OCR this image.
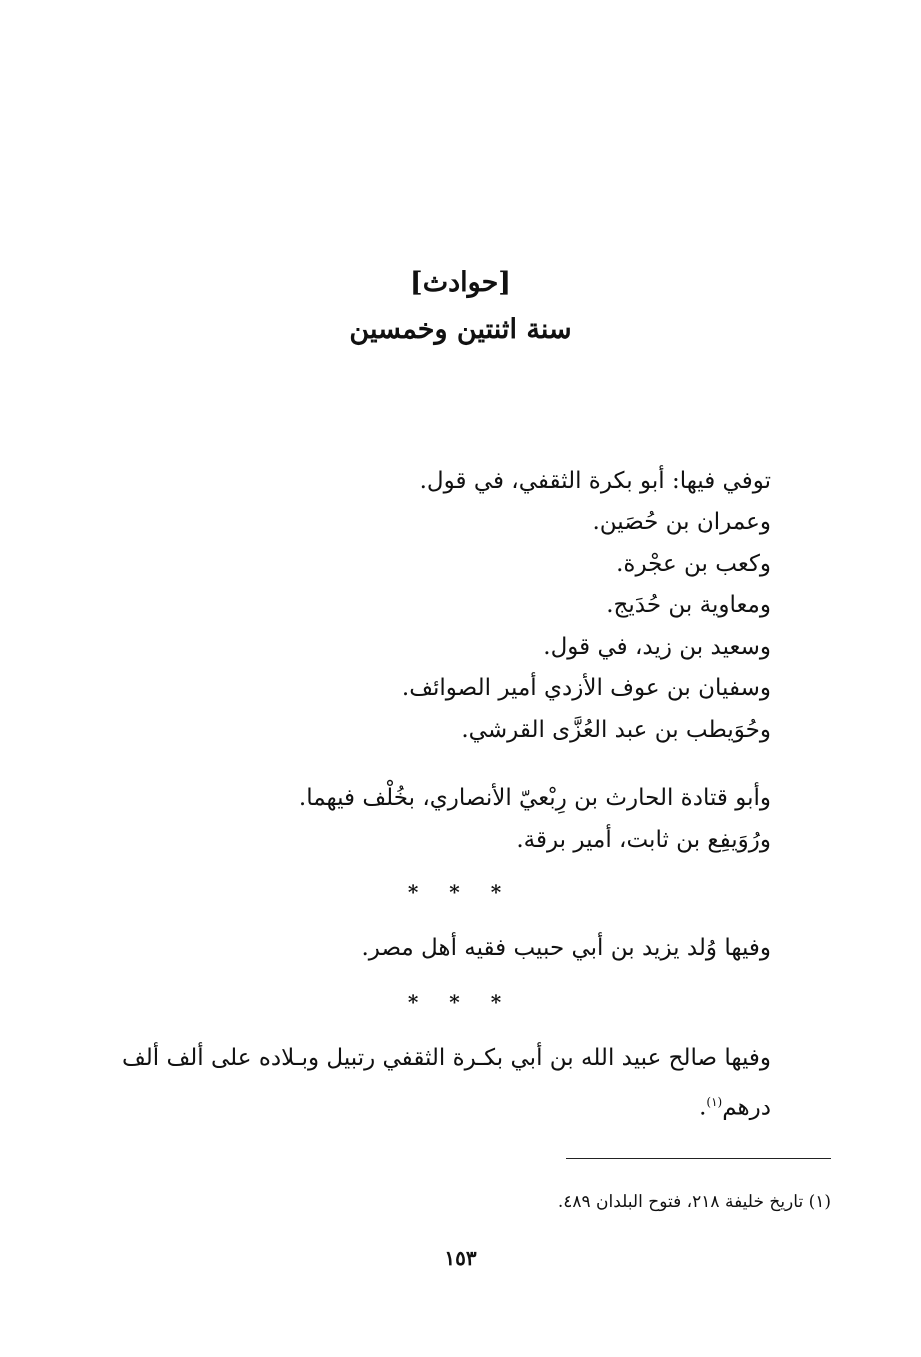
[حوادث]
سنة اثنتين وخمسين
توفي فيها: أبو بكرة الثقفي، في قول.
وعمران بن حُصَين.
وكعب بن عجْرة.
ومعاوية بن حُدَيج.
وسعيد بن زيد، في قول.
وسفيان بن عوف الأزدي أمير الصوائف.
وحُوَيطب بن عبد العُزَّى القرشي.
وأبو قتادة الحارث بن رِبْعيّ الأنصاري، بخُلْف فيهما.
ورُوَيفِع بن ثابت، أمير برقة.
* * *
وفيها وُلد يزيد بن أبي حبيب فقيه أهل مصر.
* * *
وفيها صالح عبيد الله بن أبي بكـرة الثقفي رتبيل وبـلاده على ألف ألف
درهم$^{(١)}$.
(١) تاريخ خليفة ٢١٨، فتوح البلدان ٤٨٩.
١٥٣
